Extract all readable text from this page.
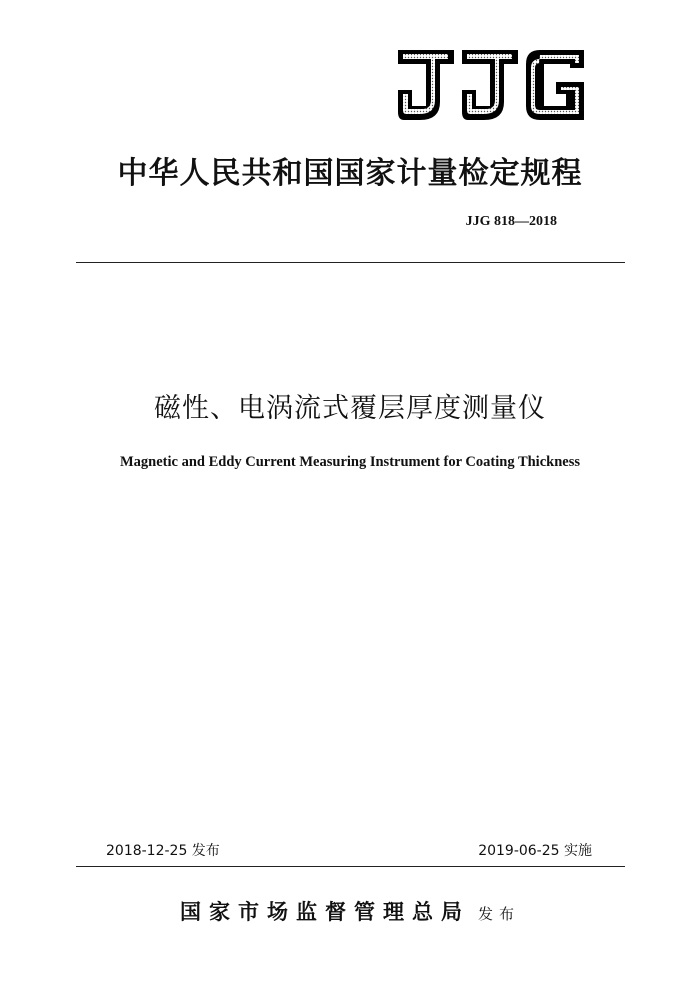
中华人民共和国国家计量检定规程
JJG 818—2018
磁性、电涡流式覆层厚度测量仪
Magnetic and Eddy Current Measuring Instrument for Coating Thickness
2018-12-25 发布	2019-06-25 实施
国家市场监督管理总局 发布
